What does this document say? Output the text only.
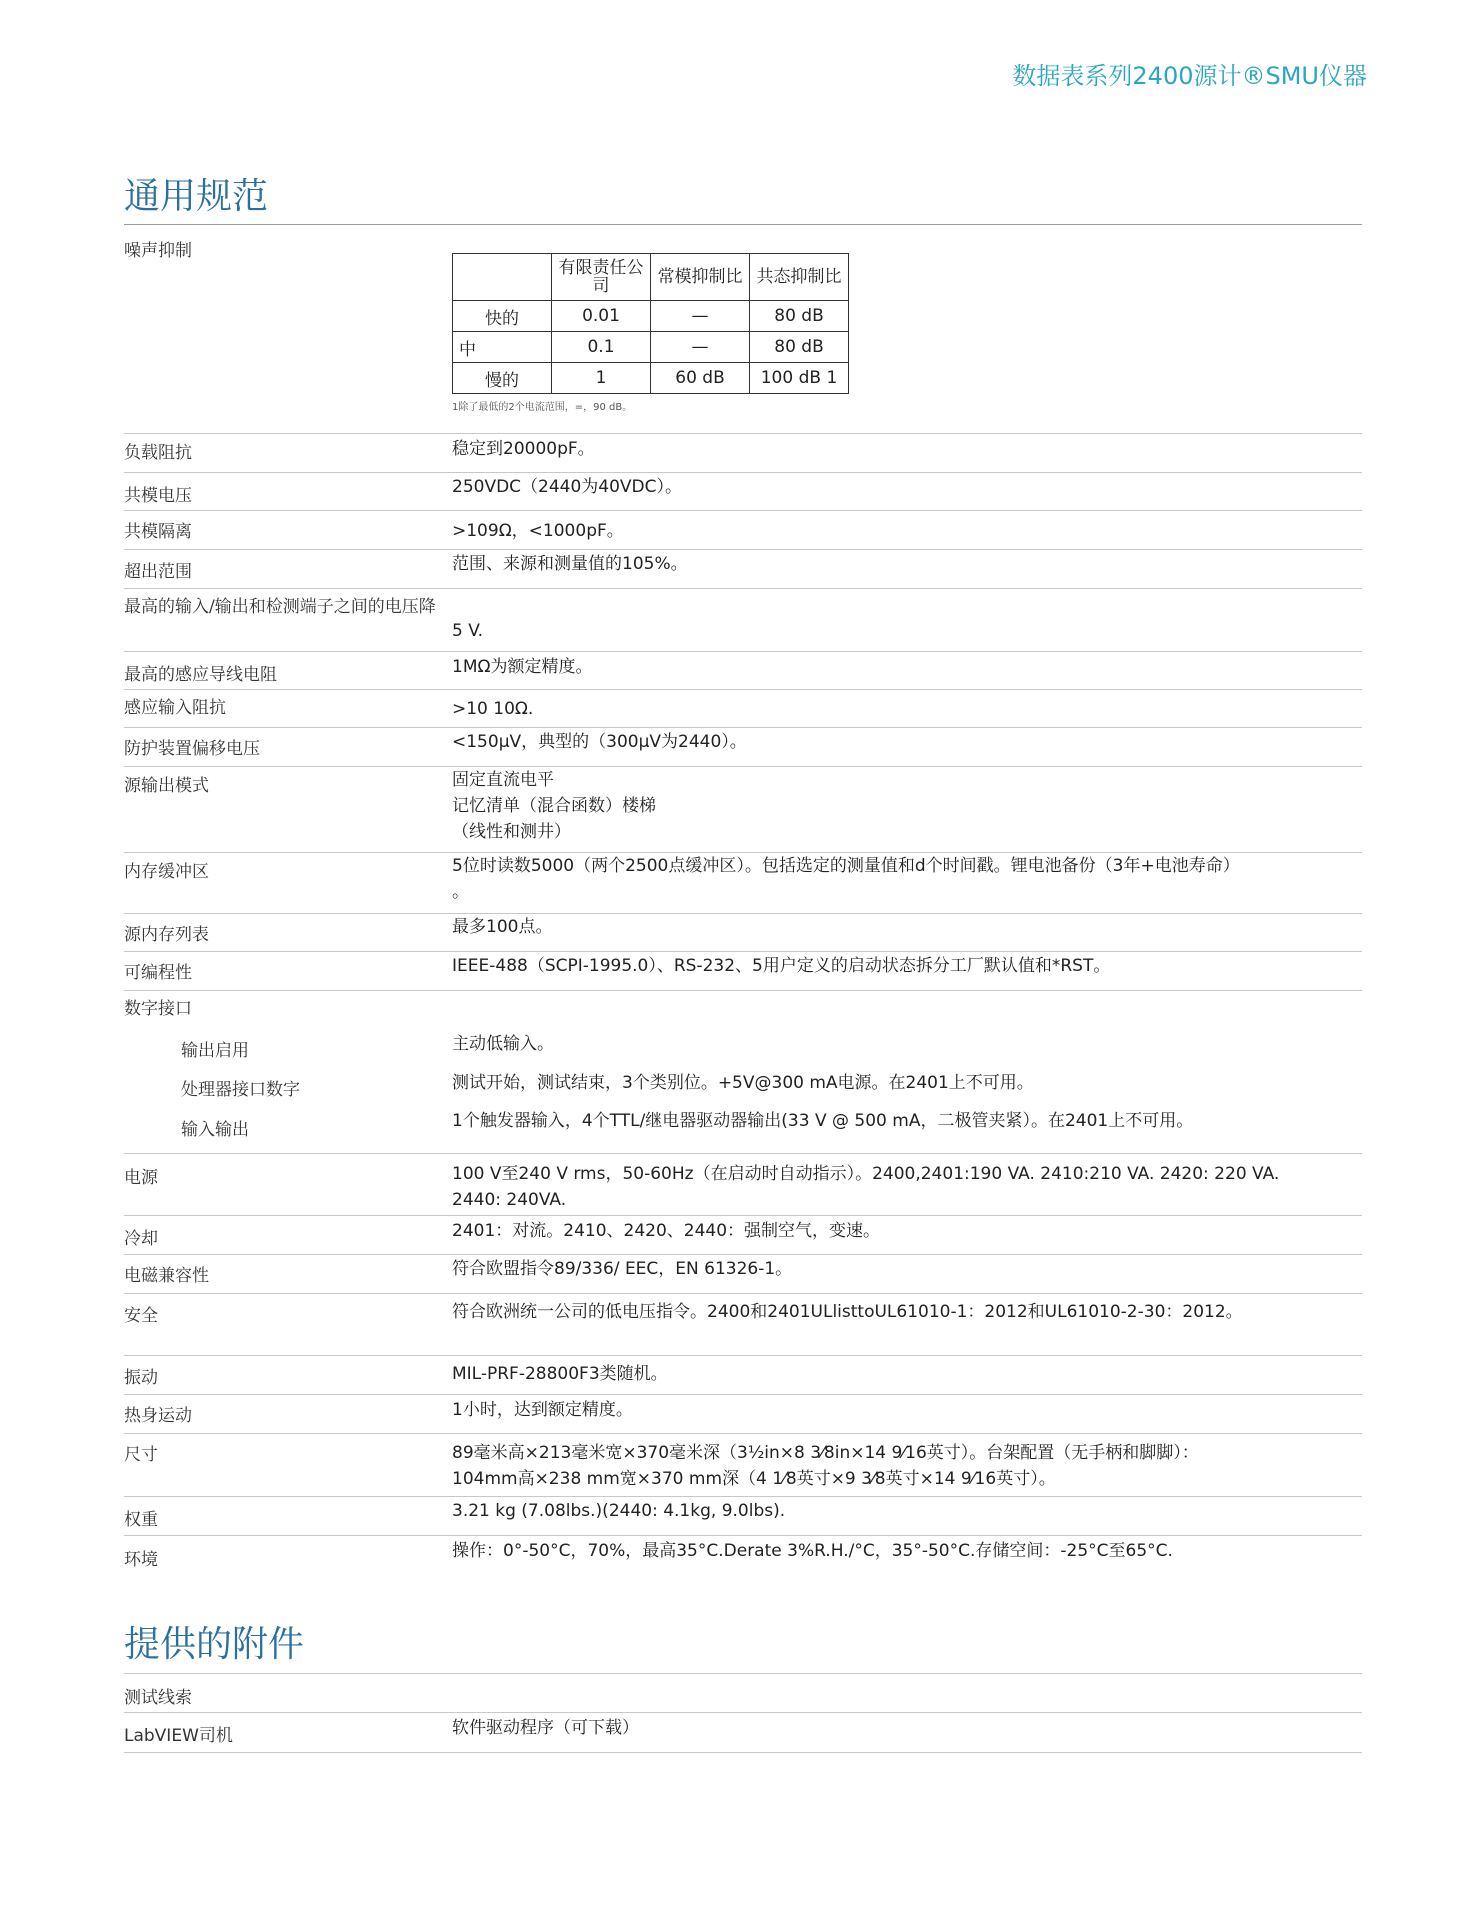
数据表系列2400源计®SMU仪器
通用规范
噪声抑制
	有限责任公司	常模抑制比	共态抑制比
快的	0.01	—	80 dB
中	0.1	—	80 dB
慢的	1	60 dB	100 dB 1
1除了最低的2个电流范围，=，90 dB。
负载阻抗	稳定到20000pF。
共模电压	250VDC（2440为40VDC）。
共模隔离	>109Ω，<1000pF。
超出范围	范围、来源和测量值的105%。
最高的输入/输出和检测端子之间的电压降
5 V.
最高的感应导线电阻	1MΩ为额定精度。
感应输入阻抗	>10 10Ω.
防护装置偏移电压	<150μV，典型的（300μV为2440）。
源输出模式	固定直流电平
记忆清单（混合函数）楼梯
（线性和测井）
内存缓冲区	5位时读数5000（两个2500点缓冲区）。包括选定的测量值和d个时间戳。锂电池备份（3年+电池寿命）
。
源内存列表	最多100点。
可编程性	IEEE-488（SCPI-1995.0）、RS-232、5用户定义的启动状态拆分工厂默认值和*RST。
数字接口
输出启用	主动低输入。
处理器接口数字	测试开始，测试结束，3个类别位。+5V@300 mA电源。在2401上不可用。
输入输出	1个触发器输入，4个TTL/继电器驱动器输出(33 V @ 500 mA，二极管夹紧）。在2401上不可用。
电源	100 V至240 V rms，50-60Hz（在启动时自动指示）。2400,2401:190 VA. 2410:210 VA. 2420: 220 VA.
2440: 240VA.
冷却	2401：对流。2410、2420、2440：强制空气，变速。
电磁兼容性	符合欧盟指令89/336/ EEC，EN 61326-1。
安全	符合欧洲统一公司的低电压指令。2400和2401ULlisttoUL61010-1：2012和UL61010-2-30：2012。
振动	MIL-PRF-28800F3类随机。
热身运动	1小时，达到额定精度。
尺寸	89毫米高×213毫米宽×370毫米深（3½in×8 3⁄8in×14 9⁄16英寸）。台架配置（无手柄和脚脚）：
104mm高×238 mm宽×370 mm深（4 1⁄8英寸×9 3⁄8英寸×14 9⁄16英寸）。
权重	3.21 kg (7.08lbs.)(2440: 4.1kg, 9.0lbs).
环境	操作：0°-50°C，70%，最高35°C.Derate 3%R.H./°C，35°-50°C.存储空间：-25°C至65°C.
提供的附件
测试线索
LabVIEW司机	软件驱动程序（可下载）
